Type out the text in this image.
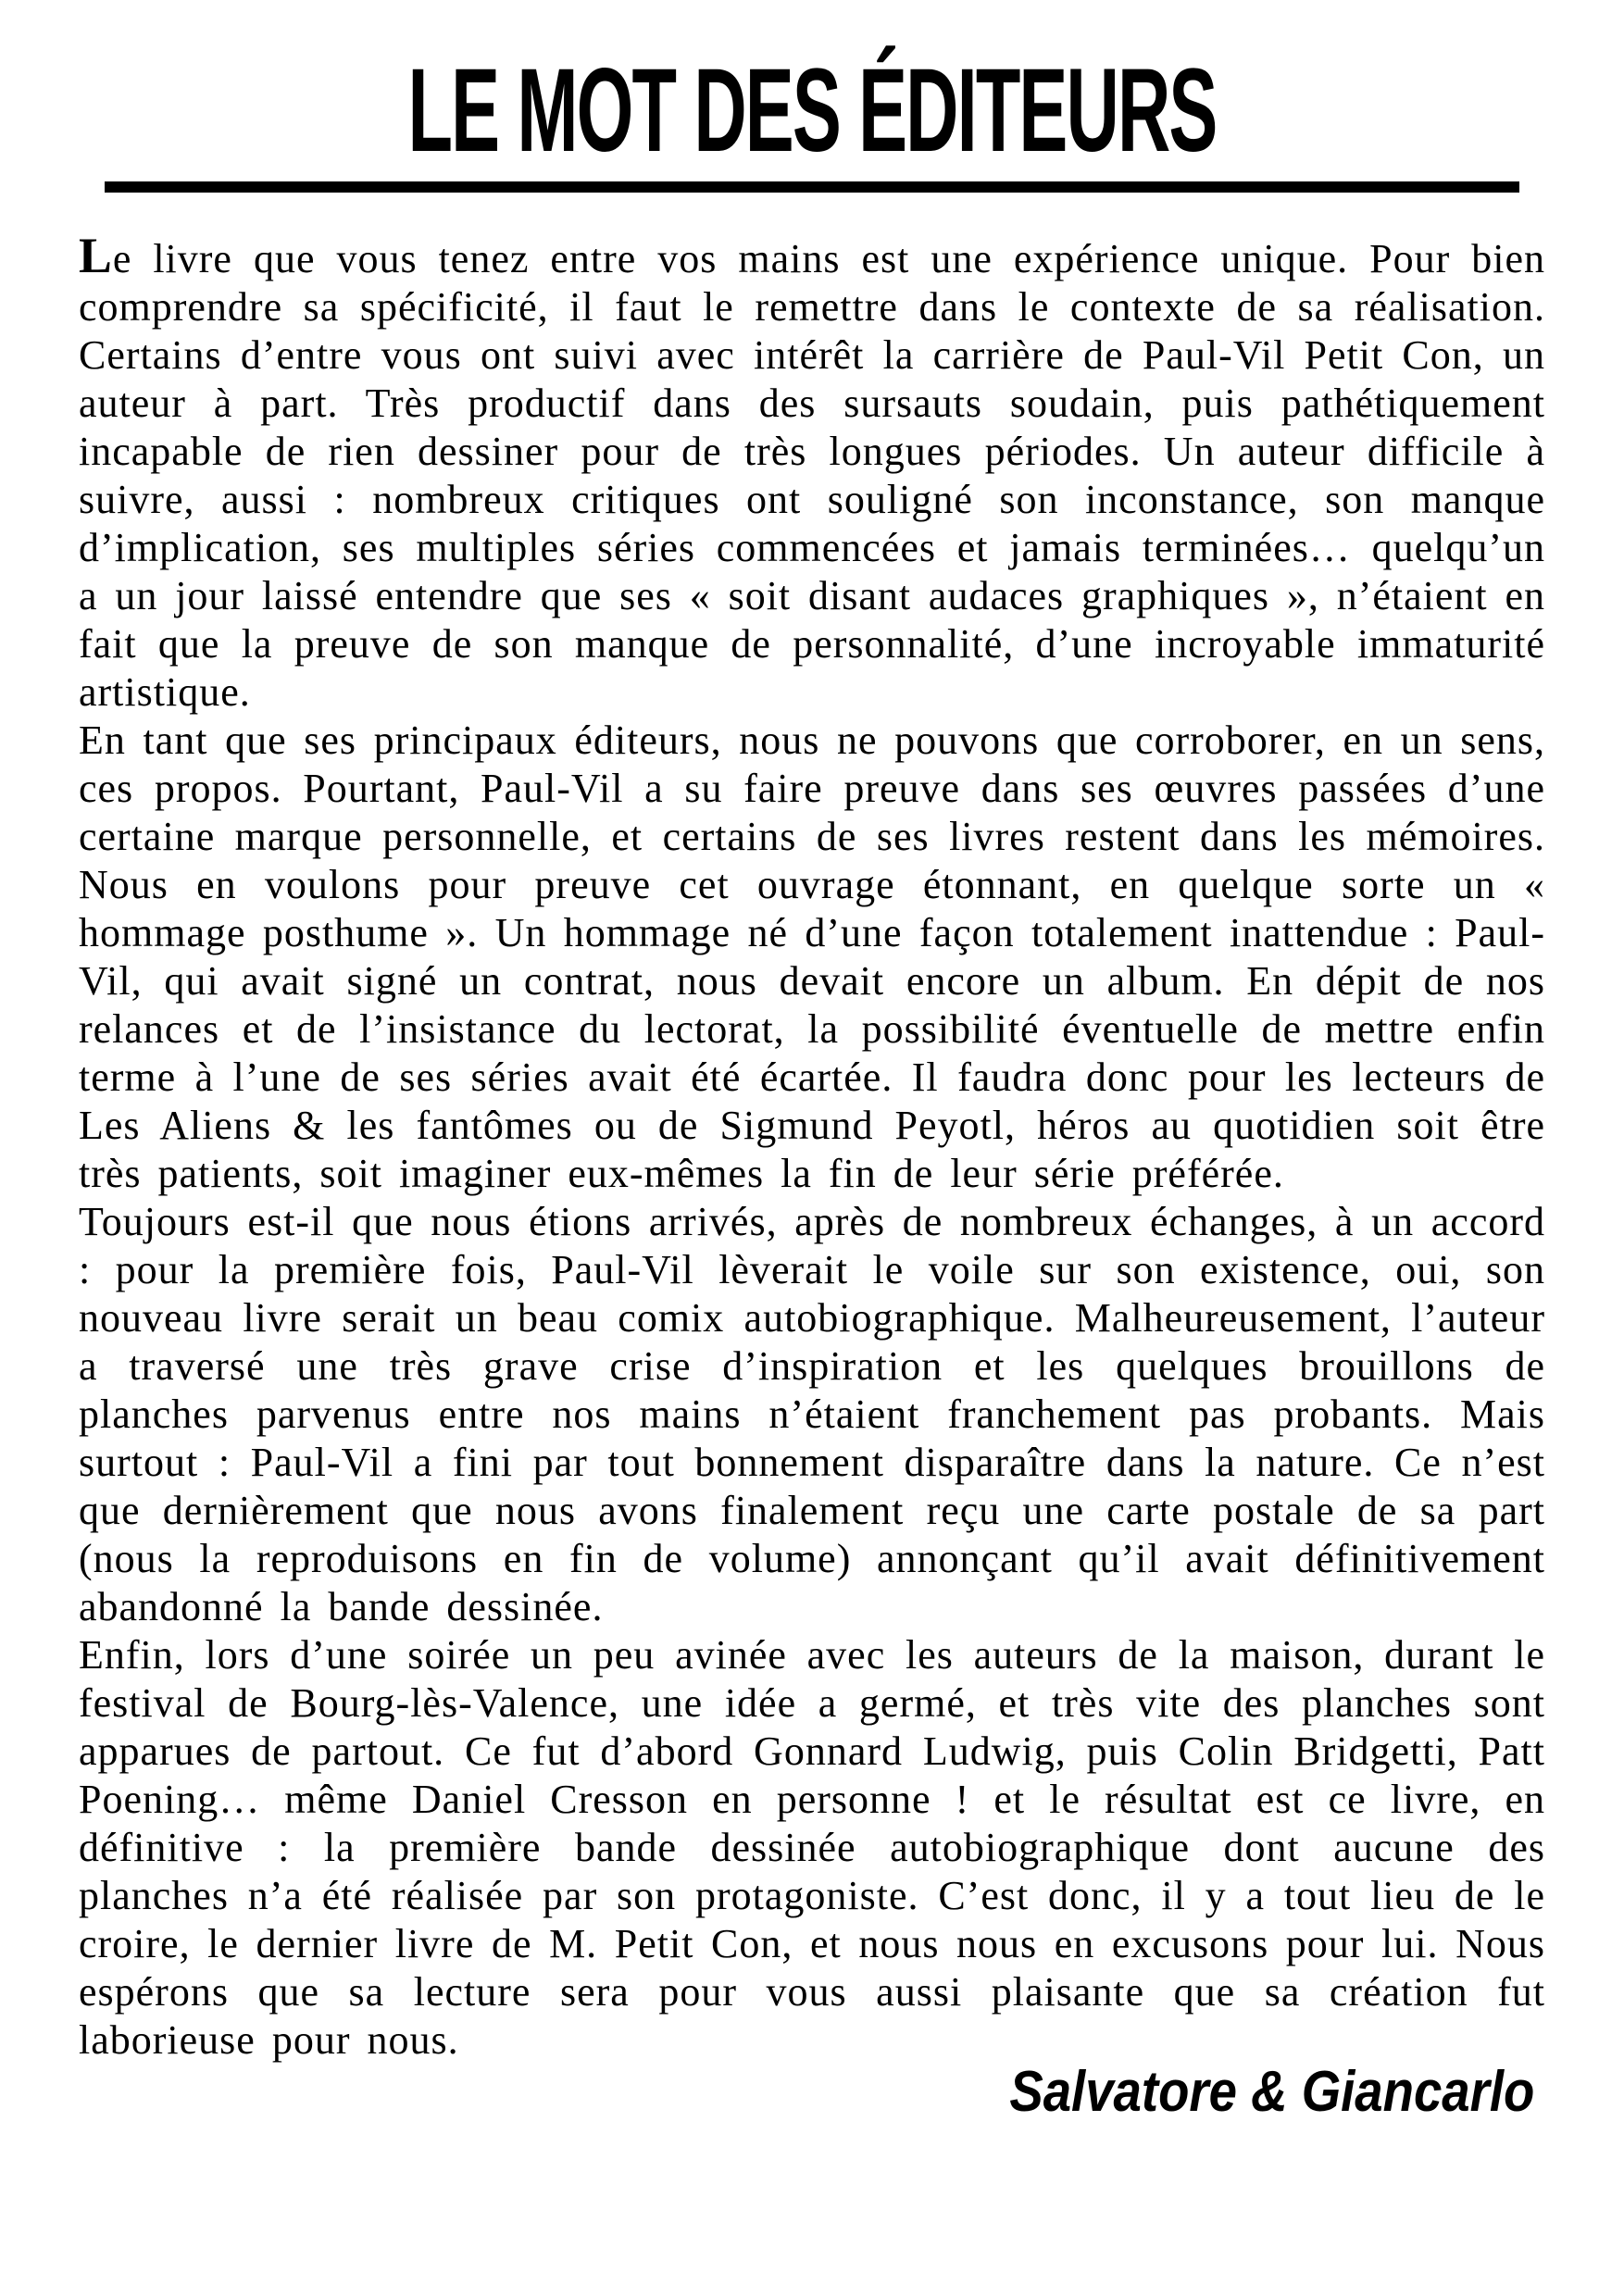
LE MOT DES ÉDITEURS

Le livre que vous tenez entre vos mains est une expérience unique. Pour bien comprendre sa spécificité, il faut le remettre dans le contexte de sa réalisation. Certains d’entre vous ont suivi avec intérêt la carrière de Paul-Vil Petit Con, un auteur à part. Très productif dans des sursauts soudain, puis pathétiquement incapable de rien dessiner pour de très longues périodes. Un auteur difficile à suivre, aussi : nombreux critiques ont souligné son inconstance, son manque d’implication, ses multiples séries commencées et jamais terminées… quelqu’un a un jour laissé entendre que ses « soit disant audaces graphiques », n’étaient en fait que la preuve de son manque de personnalité, d’une incroyable immaturité artistique.

En tant que ses principaux éditeurs, nous ne pouvons que corroborer, en un sens, ces propos. Pourtant, Paul-Vil a su faire preuve dans ses œuvres passées d’une certaine marque personnelle, et certains de ses livres restent dans les mémoires. Nous en voulons pour preuve cet ouvrage étonnant, en quelque sorte un « hommage posthume ». Un hommage né d’une façon totalement inattendue : Paul-Vil, qui avait signé un contrat, nous devait encore un album. En dépit de nos relances et de l’insistance du lectorat, la possibilité éventuelle de mettre enfin terme à l’une de ses séries avait été écartée. Il faudra donc pour les lecteurs de Les Aliens & les fantômes ou de Sigmund Peyotl, héros au quotidien soit être très patients, soit imaginer eux-mêmes la fin de leur série préférée.

Toujours est-il que nous étions arrivés, après de nombreux échanges, à un accord : pour la première fois, Paul-Vil lèverait le voile sur son existence, oui, son nouveau livre serait un beau comix autobiographique. Malheureusement, l’auteur a traversé une très grave crise d’inspiration et les quelques brouillons de planches parvenus entre nos mains n’étaient franchement pas probants. Mais surtout : Paul-Vil a fini par tout bonnement disparaître dans la nature. Ce n’est que dernièrement que nous avons finalement reçu une carte postale de sa part (nous la reproduisons en fin de volume) annonçant qu’il avait définitivement abandonné la bande dessinée.

Enfin, lors d’une soirée un peu avinée avec les auteurs de la maison, durant le festival de Bourg-lès-Valence, une idée a germé, et très vite des planches sont apparues de partout. Ce fut d’abord Gonnard Ludwig, puis Colin Bridgetti, Patt Poening… même Daniel Cresson en personne ! et le résultat est ce livre, en définitive : la première bande dessinée autobiographique dont aucune des planches n’a été réalisée par son protagoniste. C’est donc, il y a tout lieu de le croire, le dernier livre de M. Petit Con, et nous nous en excusons pour lui. Nous espérons que sa lecture sera pour vous aussi plaisante que sa création fut laborieuse pour nous.

Salvatore & Giancarlo
